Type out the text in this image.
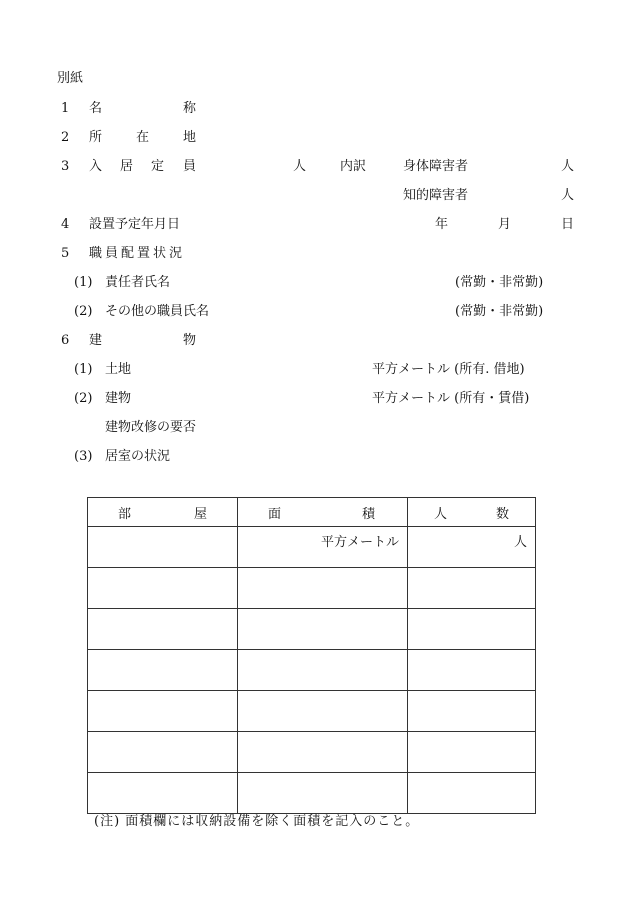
別紙
1 名	称
2 所	在	地
3 入 居 定 員	人	内訳	身体障害者	人
知的障害者	人
4 設置予定年月日	年	月	日
5 職員配置状況
(1) 責任者氏名	(常勤・非常勤)
(2) その他の職員氏名	(常勤・非常勤)
6 建	物
(1) 土地	平方メートル (所有. 借地)
(2) 建物	平方メートル (所有・賃借)
建物改修の要否
(3) 居室の状況
部 屋	面 積	人 数

	平方メートル	人

(注) 面積欄には収納設備を除く面積を記入のこと。
